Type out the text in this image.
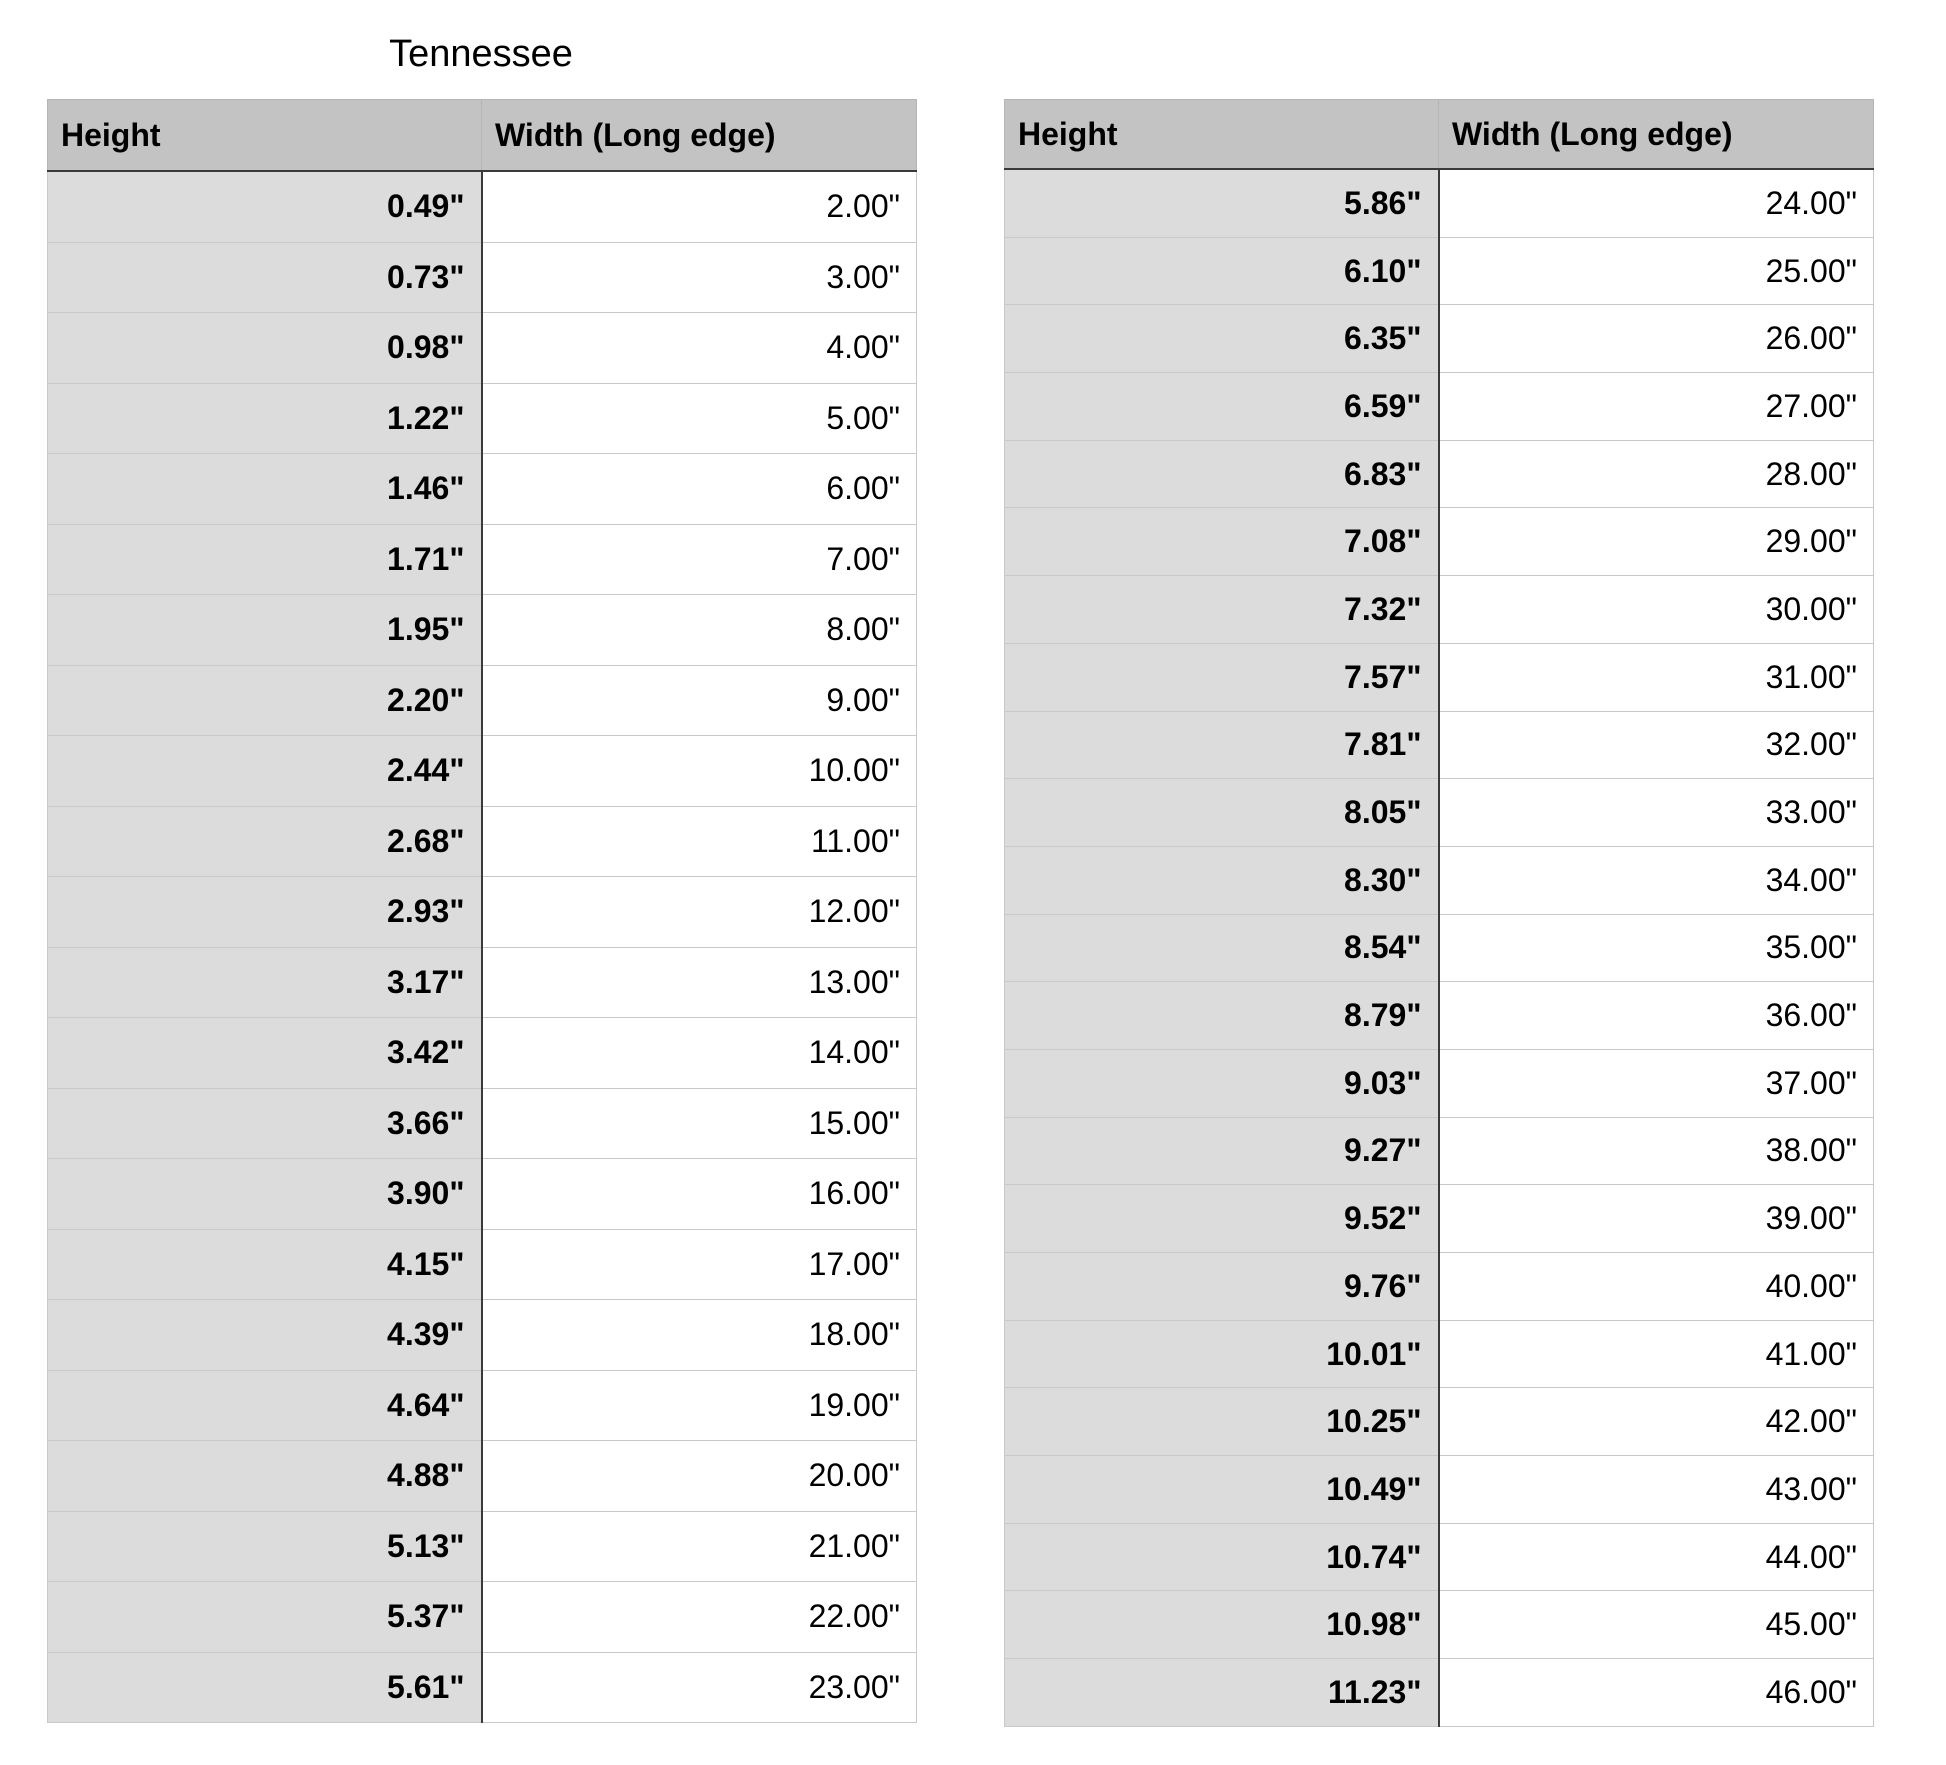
Tennessee
Height	Width (Long edge)
0.49"	2.00"
0.73"	3.00"
0.98"	4.00"
1.22"	5.00"
1.46"	6.00"
1.71"	7.00"
1.95"	8.00"
2.20"	9.00"
2.44"	10.00"
2.68"	11.00"
2.93"	12.00"
3.17"	13.00"
3.42"	14.00"
3.66"	15.00"
3.90"	16.00"
4.15"	17.00"
4.39"	18.00"
4.64"	19.00"
4.88"	20.00"
5.13"	21.00"
5.37"	22.00"
5.61"	23.00"
Height	Width (Long edge)
5.86"	24.00"
6.10"	25.00"
6.35"	26.00"
6.59"	27.00"
6.83"	28.00"
7.08"	29.00"
7.32"	30.00"
7.57"	31.00"
7.81"	32.00"
8.05"	33.00"
8.30"	34.00"
8.54"	35.00"
8.79"	36.00"
9.03"	37.00"
9.27"	38.00"
9.52"	39.00"
9.76"	40.00"
10.01"	41.00"
10.25"	42.00"
10.49"	43.00"
10.74"	44.00"
10.98"	45.00"
11.23"	46.00"
